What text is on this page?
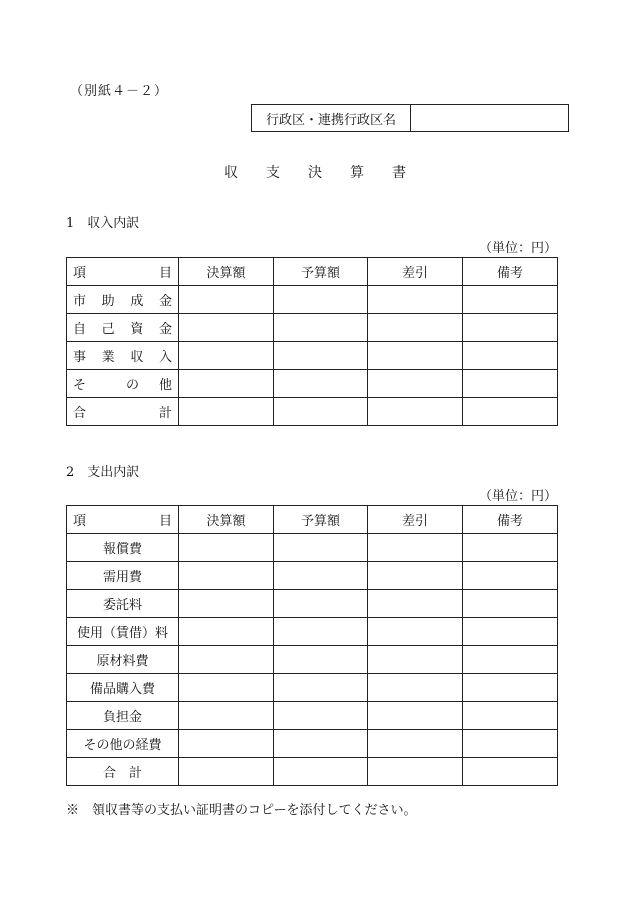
（別紙４－２）
行政区・連携行政区名
収支決算書
1　収入内訳
（単位：円）
項 目	決算額	予算額	差引	備考

市 助 成 金				

自 己 資 金				

事 業 収 入				

そ の 他				

合 計				

2　支出内訳
（単位：円）
項 目	決算額	予算額	差引	備考
報償費				
需用費				
委託料				
使用（賃借）料				
原材料費				
備品購入費				
負担金				
その他の経費				
合　計				
※　領収書等の支払い証明書のコピーを添付してください。
